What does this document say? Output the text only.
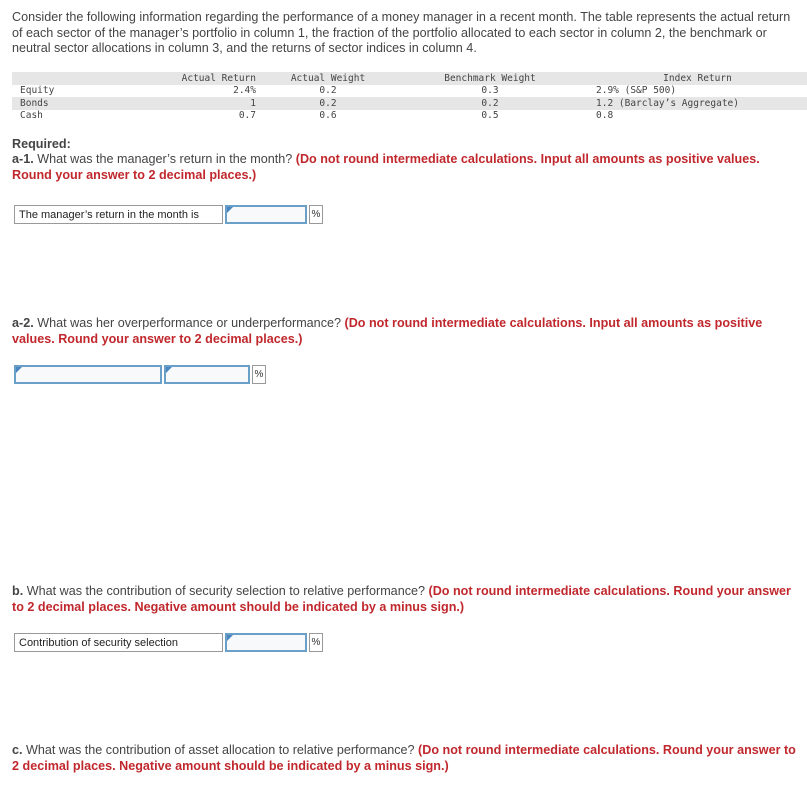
Consider the following information regarding the performance of a money manager in a recent month. The table represents the actual return of each sector of the manager’s portfolio in column 1, the fraction of the portfolio allocated to each sector in column 2, the benchmark or neutral sector allocations in column 3, and the returns of sector indices in column 4.
	Actual Return	Actual Weight	Benchmark Weight	Index Return
Equity	2.4%	0.2	0.3	2.9% (S&P 500)
Bonds	1	0.2	0.2	1.2 (Barclay’s Aggregate)
Cash	0.7	0.6	0.5	0.8
Required:
a-1. What was the manager’s return in the month? (Do not round intermediate calculations. Input all amounts as positive values. Round your answer to 2 decimal places.)
The manager’s return in the month is	%
a-2. What was her overperformance or underperformance? (Do not round intermediate calculations. Input all amounts as positive values. Round your answer to 2 decimal places.)
%
b. What was the contribution of security selection to relative performance? (Do not round intermediate calculations. Round your answer to 2 decimal places. Negative amount should be indicated by a minus sign.)
Contribution of security selection	%
c. What was the contribution of asset allocation to relative performance? (Do not round intermediate calculations. Round your answer to 2 decimal places. Negative amount should be indicated by a minus sign.)
